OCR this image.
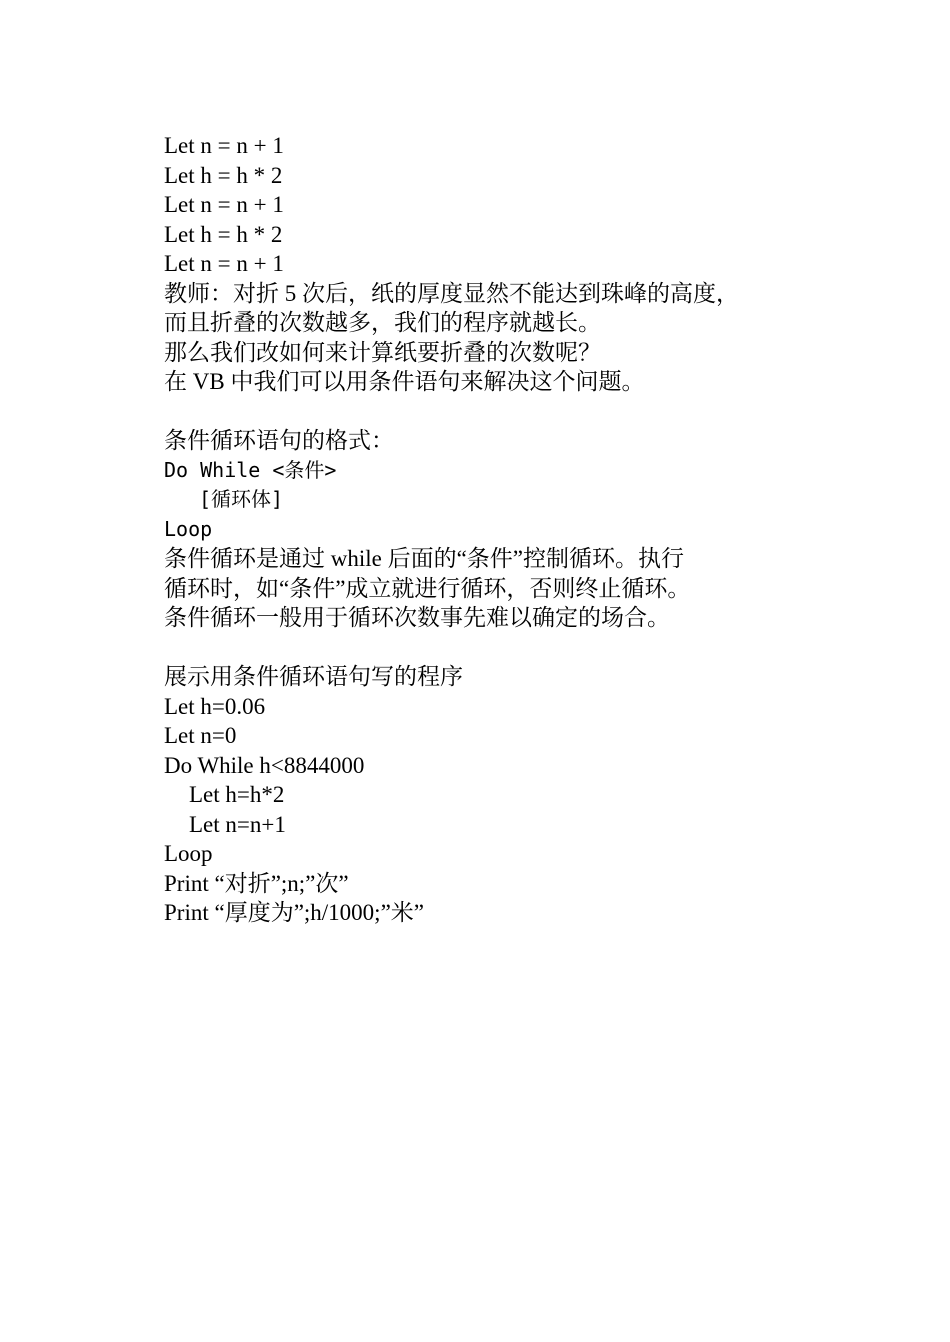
Let n = n + 1
Let h = h * 2
Let n = n + 1
Let h = h * 2
Let n = n + 1
教师：对折 5 次后，纸的厚度显然不能达到珠峰的高度，
而且折叠的次数越多，我们的程序就越长。
那么我们改如何来计算纸要折叠的次数呢？
在 VB 中我们可以用条件语句来解决这个问题。
条件循环语句的格式：
Do While <条件>
[循环体]
Loop
条件循环是通过 while 后面的“条件”控制循环。执行
循环时，如“条件”成立就进行循环，否则终止循环。
条件循环一般用于循环次数事先难以确定的场合。
展示用条件循环语句写的程序
Let h=0.06
Let n=0
Do While h<8844000
Let h=h*2
Let n=n+1
Loop
Print “对折”;n;”次”
Print “厚度为”;h/1000;”米”
